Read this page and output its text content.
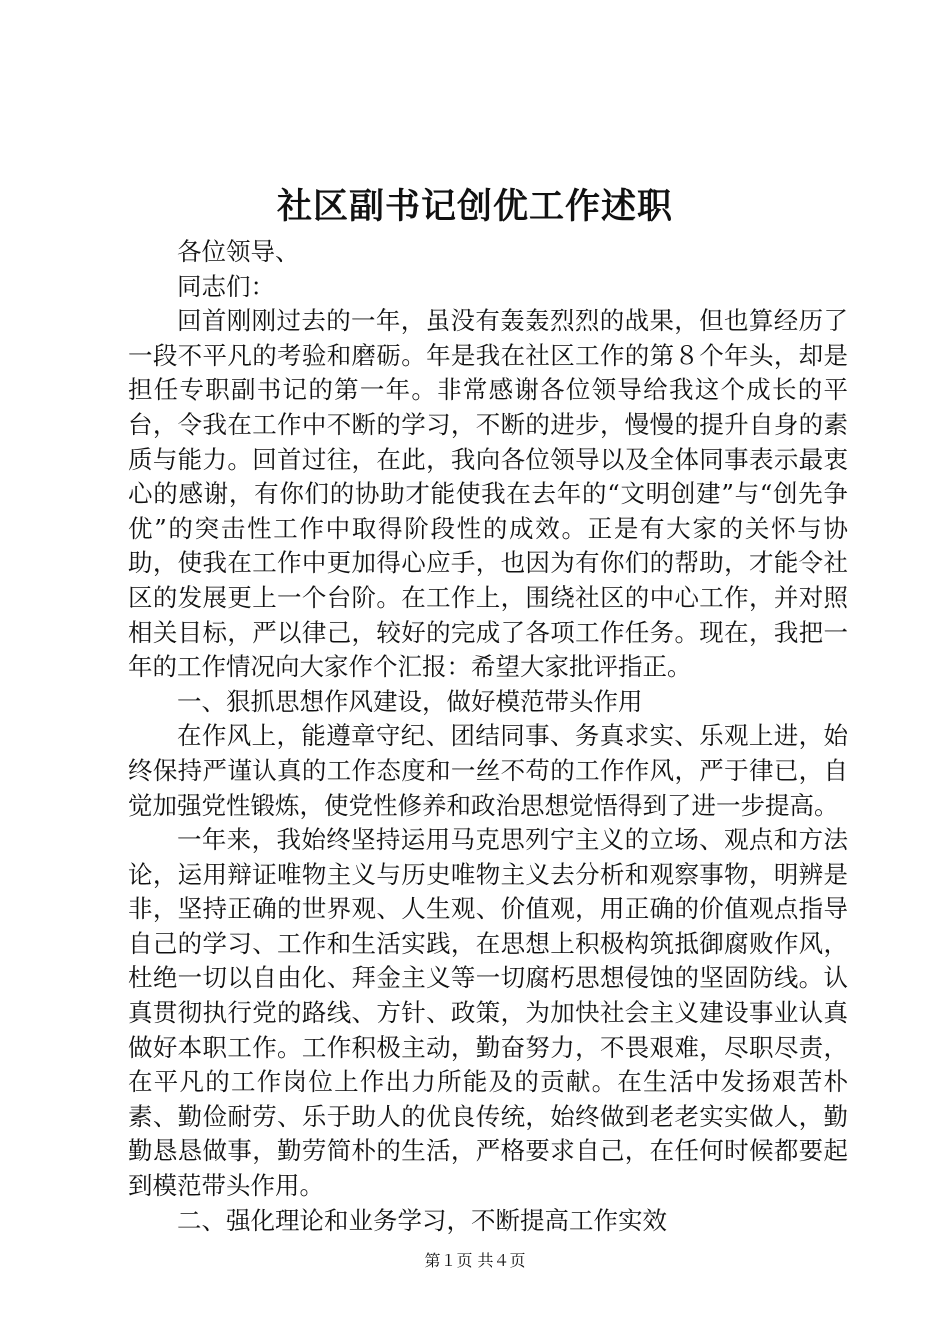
社区副书记创优工作述职

各位领导、

同志们：

回首刚刚过去的一年，虽没有轰轰烈烈的战果，但也算经历了一段不平凡的考验和磨砺。年是我在社区工作的第８个年头，却是担任专职副书记的第一年。非常感谢各位领导给我这个成长的平台，令我在工作中不断的学习，不断的进步，慢慢的提升自身的素质与能力。回首过往，在此，我向各位领导以及全体同事表示最衷心的感谢，有你们的协助才能使我在去年的“文明创建”与“创先争优”的突击性工作中取得阶段性的成效。正是有大家的关怀与协助，使我在工作中更加得心应手，也因为有你们的帮助，才能令社区的发展更上一个台阶。在工作上，围绕社区的中心工作，并对照相关目标，严以律己，较好的完成了各项工作任务。现在，我把一年的工作情况向大家作个汇报：希望大家批评指正。

一、狠抓思想作风建设，做好模范带头作用

在作风上，能遵章守纪、团结同事、务真求实、乐观上进，始终保持严谨认真的工作态度和一丝不苟的工作作风，严于律已，自觉加强党性锻炼，使党性修养和政治思想觉悟得到了进一步提高。

一年来，我始终坚持运用马克思列宁主义的立场、观点和方法论，运用辩证唯物主义与历史唯物主义去分析和观察事物，明辨是非，坚持正确的世界观、人生观、价值观，用正确的价值观点指导自己的学习、工作和生活实践，在思想上积极构筑抵御腐败作风，杜绝一切以自由化、拜金主义等一切腐朽思想侵蚀的坚固防线。认真贯彻执行党的路线、方针、政策，为加快社会主义建设事业认真做好本职工作。工作积极主动，勤奋努力，不畏艰难，尽职尽责，在平凡的工作岗位上作出力所能及的贡献。在生活中发扬艰苦朴素、勤俭耐劳、乐于助人的优良传统，始终做到老老实实做人，勤勤恳恳做事，勤劳简朴的生活，严格要求自己，在任何时候都要起到模范带头作用。

二、强化理论和业务学习，不断提高工作实效

第１页 共４页
